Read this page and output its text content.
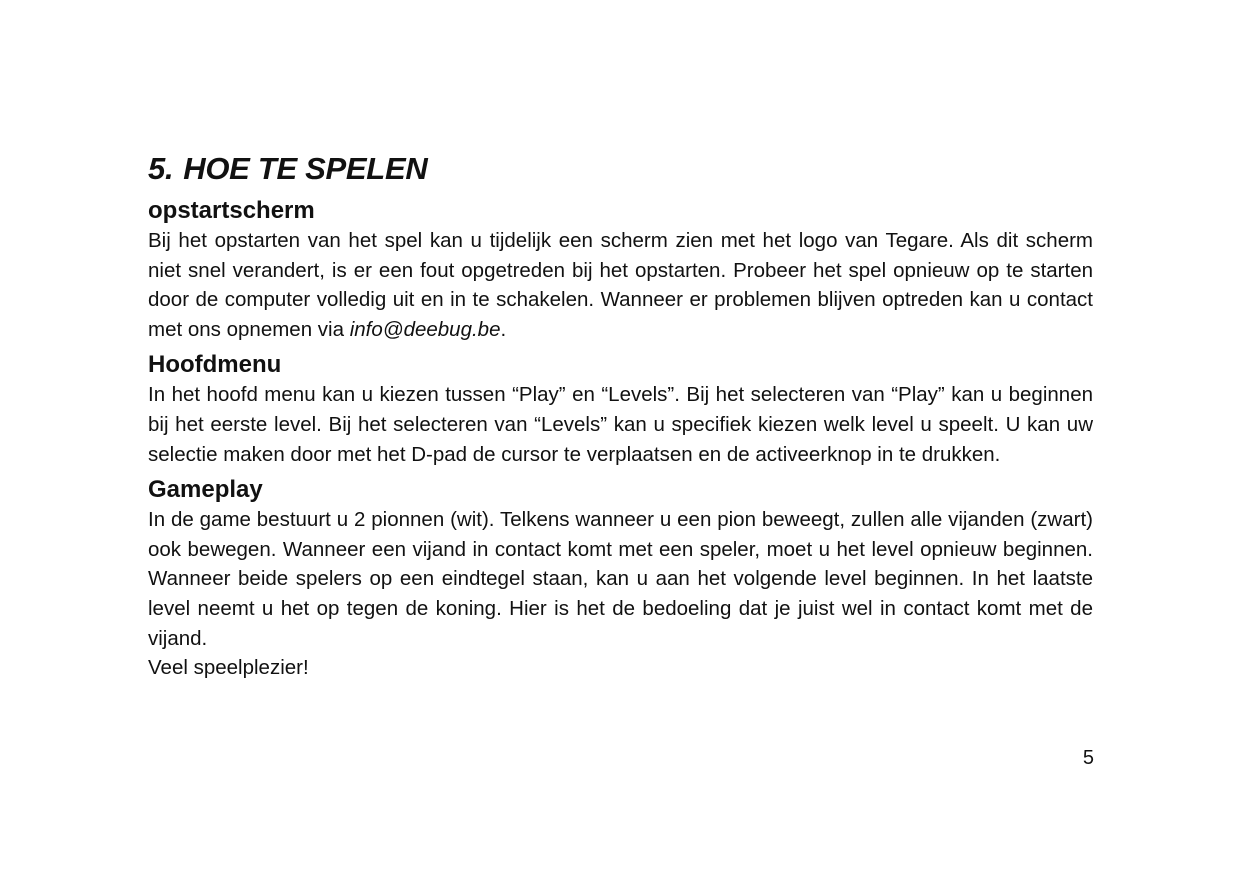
5. HOE TE SPELEN
opstartscherm

Bij het opstarten van het spel kan u tijdelijk een scherm zien met het logo van Tegare. Als dit scherm niet snel verandert, is er een fout opgetreden bij het opstarten. Probeer het spel opnieuw op te starten door de computer volledig uit en in te schakelen. Wanneer er problemen blijven optreden kan u contact met ons opnemen via info@deebug.be.

Hoofdmenu

In het hoofd menu kan u kiezen tussen “Play” en “Levels”. Bij het selecteren van “Play” kan u beginnen bij het eerste level. Bij het selecteren van “Levels” kan u specifiek kiezen welk level u speelt. U kan uw selectie maken door met het D-pad de cursor te verplaatsen en de activeerknop in te drukken.

Gameplay

In de game bestuurt u 2 pionnen (wit). Telkens wanneer u een pion beweegt, zullen alle vijanden (zwart) ook bewegen. Wanneer een vijand in contact komt met een speler, moet u het level opnieuw beginnen. Wanneer beide spelers op een eindtegel staan, kan u aan het volgende level beginnen. In het laatste level neemt u het op tegen de koning. Hier is het de bedoeling dat je juist wel in contact komt met de vijand.

Veel speelplezier!

5
